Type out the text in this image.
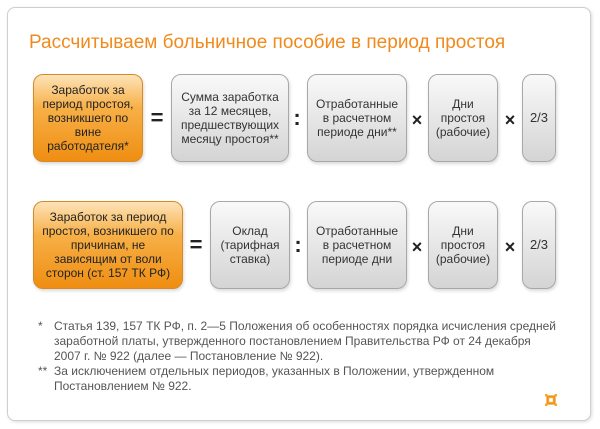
Рассчитываем больничное пособие в период простоя
Заработок за период простоя, возникшего по вине работодателя*
=
Сумма заработка за 12 месяцев, предшествующих месяцу простоя**
:
Отработанные в расчетном периоде дни**
×
Дни простоя (рабочие)
×	2/3
Заработок за период простоя, возникшего по причинам, не зависящим от воли сторон (ст. 157 ТК РФ)
=
Оклад (тарифная ставка)
:
Отработанные в расчетном периоде дни
×
Дни простоя (рабочие)
×	2/3

* Статья 139, 157 ТК РФ, п. 2—5 Положения об особенностях порядка исчисления средней заработной платы, утвержденного постановлением Правительства РФ от 24 декабря 2007 г. № 922 (далее — Постановление № 922).

** За исключением отдельных периодов, указанных в Положении, утвержденном Постановлением № 922.
